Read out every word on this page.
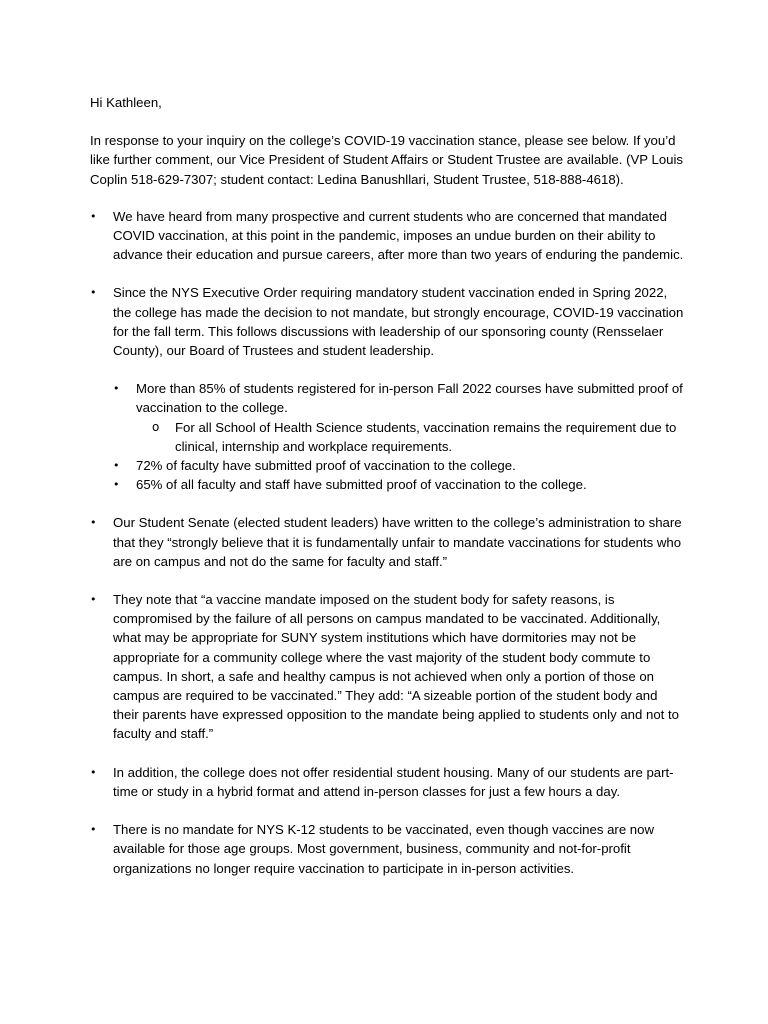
Hi Kathleen,

In response to your inquiry on the college’s COVID-19 vaccination stance, please see below. If you’d like further comment, our Vice President of Student Affairs or Student Trustee are available. (VP Louis Coplin 518-629-7307; student contact: Ledina Banushllari, Student Trustee, 518-888-4618).

• We have heard from many prospective and current students who are concerned that mandated COVID vaccination, at this point in the pandemic, imposes an undue burden on their ability to advance their education and pursue careers, after more than two years of enduring the pandemic.
• Since the NYS Executive Order requiring mandatory student vaccination ended in Spring 2022, the college has made the decision to not mandate, but strongly encourage, COVID-19 vaccination for the fall term. This follows discussions with leadership of our sponsoring county (Rensselaer County), our Board of Trustees and student leadership.
• More than 85% of students registered for in-person Fall 2022 courses have submitted proof of vaccination to the college.
o For all School of Health Science students, vaccination remains the requirement due to clinical, internship and workplace requirements.
• 72% of faculty have submitted proof of vaccination to the college.
• 65% of all faculty and staff have submitted proof of vaccination to the college.
• Our Student Senate (elected student leaders) have written to the college’s administration to share that they “strongly believe that it is fundamentally unfair to mandate vaccinations for students who are on campus and not do the same for faculty and staff.”
• They note that “a vaccine mandate imposed on the student body for safety reasons, is compromised by the failure of all persons on campus mandated to be vaccinated. Additionally, what may be appropriate for SUNY system institutions which have dormitories may not be appropriate for a community college where the vast majority of the student body commute to campus. In short, a safe and healthy campus is not achieved when only a portion of those on campus are required to be vaccinated.” They add: “A sizeable portion of the student body and their parents have expressed opposition to the mandate being applied to students only and not to faculty and staff.”
• In addition, the college does not offer residential student housing. Many of our students are part-time or study in a hybrid format and attend in-person classes for just a few hours a day.
• There is no mandate for NYS K-12 students to be vaccinated, even though vaccines are now available for those age groups. Most government, business, community and not-for-profit organizations no longer require vaccination to participate in in-person activities.
